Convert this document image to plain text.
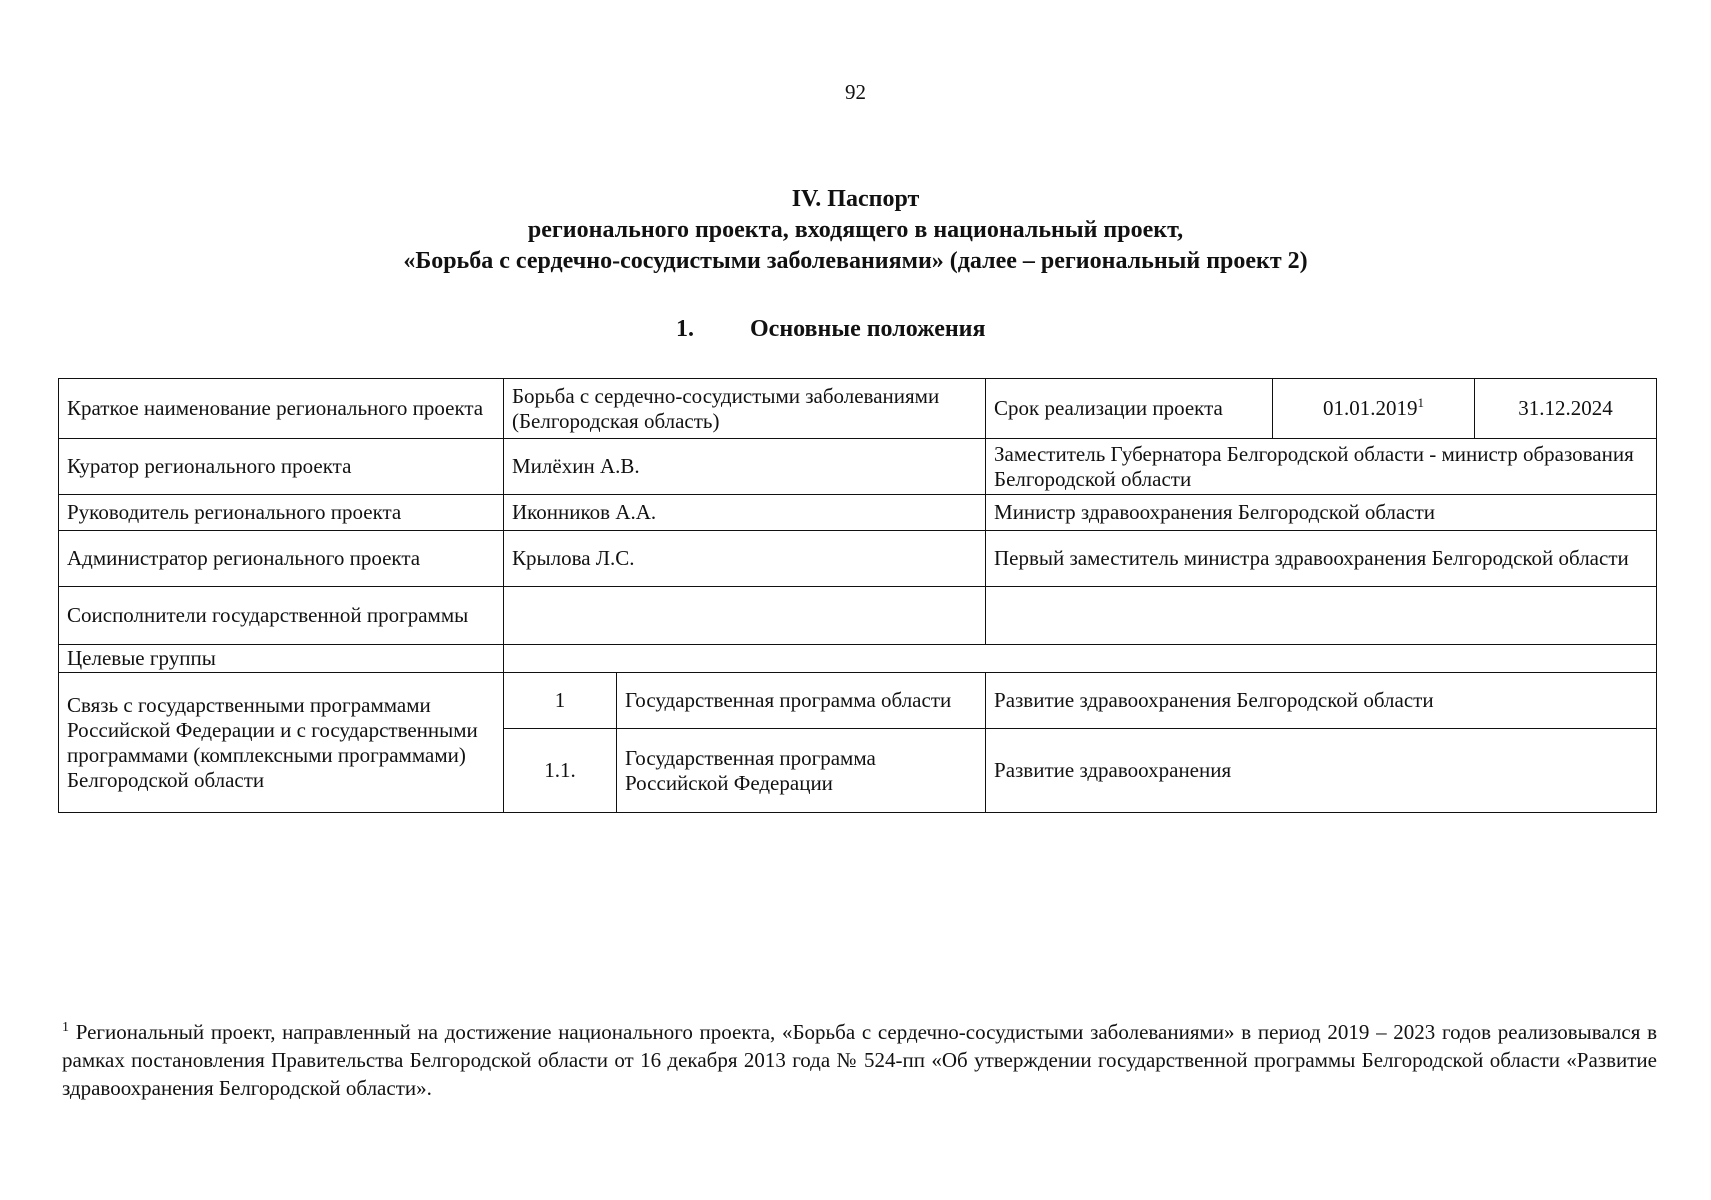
92
IV. Паспорт
регионального проекта, входящего в национальный проект,
«Борьба с сердечно-сосудистыми заболеваниями» (далее – региональный проект 2)
1. Основные положения
Краткое наименование регионального проекта	Борьба с сердечно-сосудистыми заболеваниями (Белгородская область)		Срок реализации проекта	01.01.2019$^1$	31.12.2024
Куратор регионального проекта	Милёхин А.В.		Заместитель Губернатора Белгородской области - министр образования Белгородской области		
Руководитель регионального проекта	Иконников А.А.		Министр здравоохранения Белгородской области		
Администратор регионального проекта	Крылова Л.С.		Первый заместитель министра здравоохранения Белгородской области		
Соисполнители государственной программы					
Целевые группы					
Связь с государственными программами Российской Федерации и с государственными программами (комплексными программами) Белгородской области	1	Государственная программа области	Развитие здравоохранения Белгородской области		
	1.1.	Государственная программа Российской Федерации	Развитие здравоохранения		
$^1$ Региональный проект, направленный на достижение национального проекта, «Борьба с сердечно-сосудистыми заболеваниями» в период 2019 – 2023 годов реализовывался в рамках постановления Правительства Белгородской области от 16 декабря 2013 года № 524-пп «Об утверждении государственной программы Белгородской области «Развитие здравоохранения Белгородской области».
